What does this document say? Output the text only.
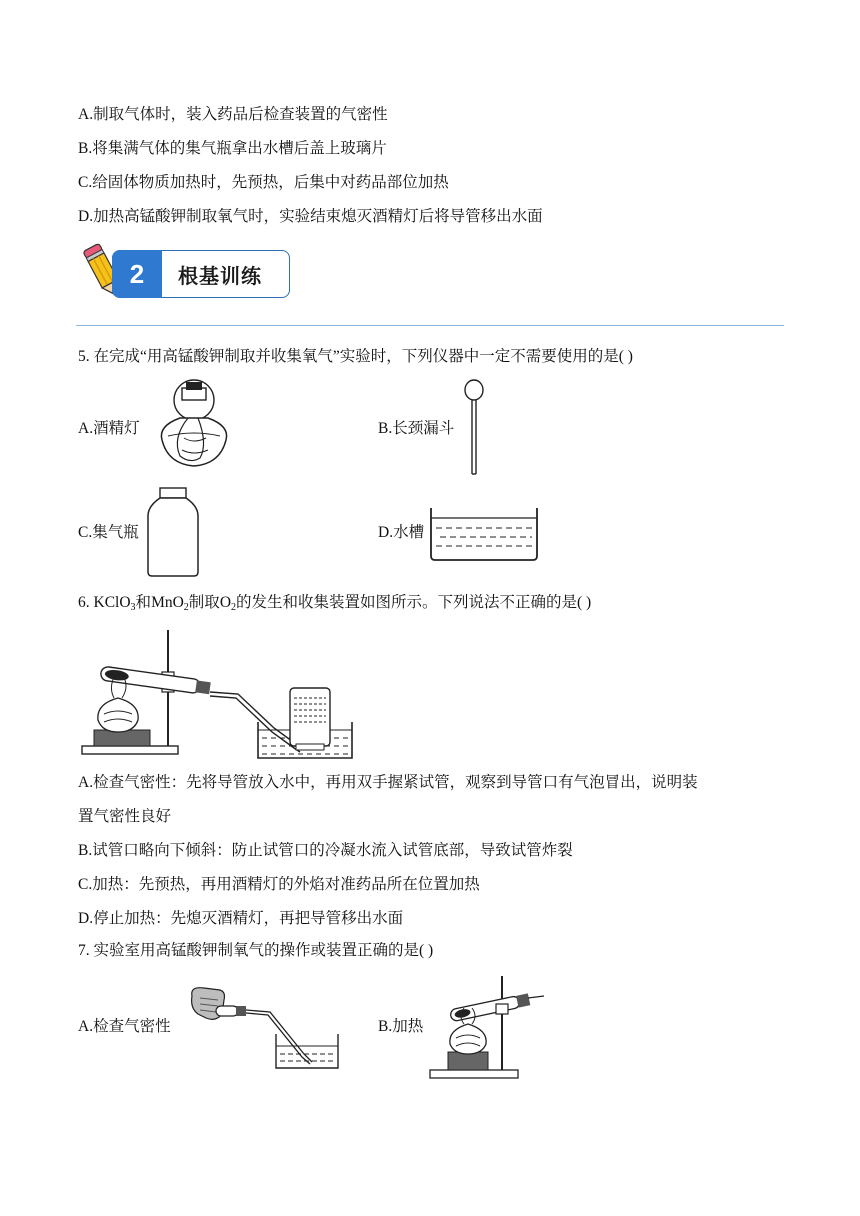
A.制取气体时，装入药品后检查装置的气密性
B.将集满气体的集气瓶拿出水槽后盖上玻璃片
C.给固体物质加热时，先预热，后集中对药品部位加热
D.加热高锰酸钾制取氧气时，实验结束熄灭酒精灯后将导管移出水面
2	根基训练
5. 在完成“用高锰酸钾制取并收集氧气”实验时，下列仪器中一定不需要使用的是( )
A.酒精灯	B.长颈漏斗
C.集气瓶	D.水槽
6. KClO$_3$和MnO$_2$制取$O_2$的发生和收集装置如图所示。下列说法不正确的是( )
A.检查气密性：先将导管放入水中，再用双手握紧试管，观察到导管口有气泡冒出，说明装
置气密性良好
B.试管口略向下倾斜：防止试管口的冷凝水流入试管底部，导致试管炸裂
C.加热：先预热，再用酒精灯的外焰对准药品所在位置加热
D.停止加热：先熄灭酒精灯，再把导管移出水面
7. 实验室用高锰酸钾制氧气的操作或装置正确的是( )
A.检查气密性	B.加热
